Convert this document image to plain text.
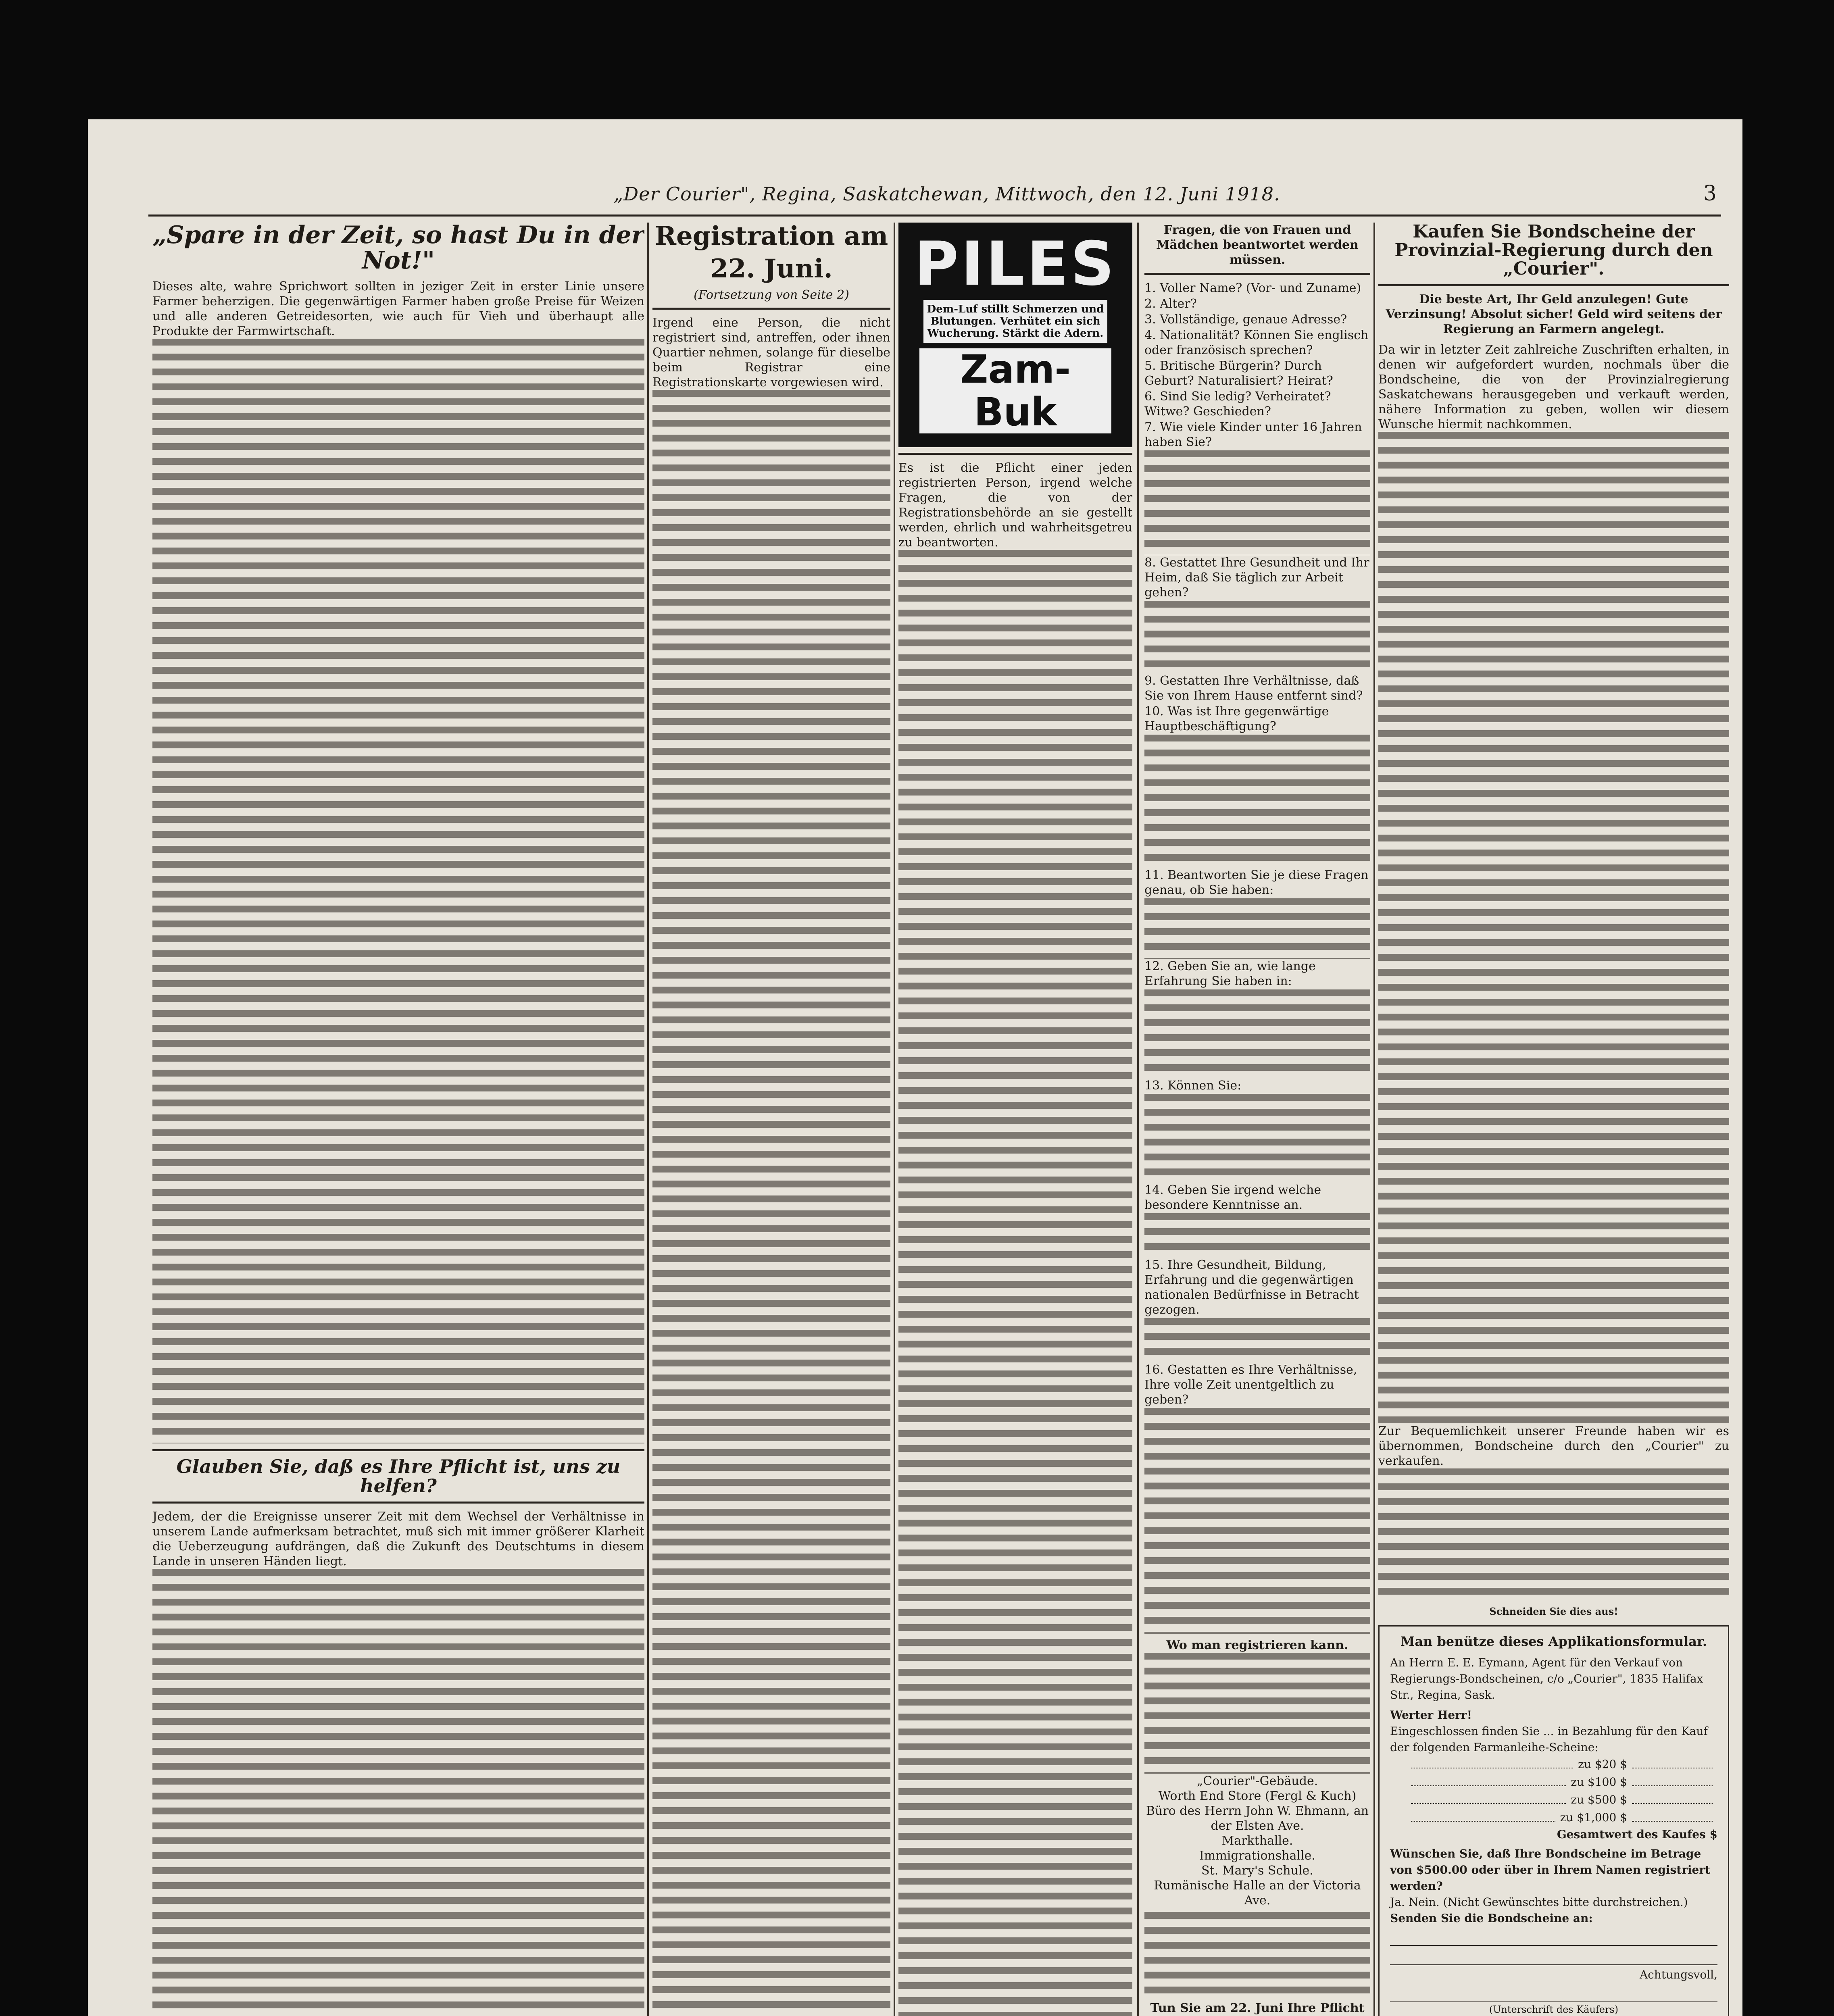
„Der Courier", Regina, Saskatchewan, Mittwoch, den 12. Juni 1918.	3
„Spare in der Zeit, so hast Du in der Not!"

Dieses alte, wahre Sprichwort sollten in jeziger Zeit in erster Linie unsere Farmer beherzigen. Die gegenwärtigen Farmer haben große Preise für Weizen und alle anderen Getreidesorten, wie auch für Vieh und überhaupt alle Produkte der Farmwirtschaft.

Glauben Sie, daß es Ihre Pflicht ist, uns zu helfen?

Jedem, der die Ereignisse unserer Zeit mit dem Wechsel der Verhältnisse in unserem Lande aufmerksam betrachtet, muß sich mit immer größerer Klarheit die Ueberzeugung aufdrängen, daß die Zukunft des Deutschtums in diesem Lande in unseren Händen liegt.

Registration am
22. Juni.
(Fortsetzung von Seite 2)

Irgend eine Person, die nicht registriert sind, antreffen, oder ihnen Quartier nehmen, solange für dieselbe beim Registrar eine Registrationskarte vorgewiesen wird.

PILES
Dem-Luf stillt Schmerzen und Blutungen. Verhütet ein sich Wucherung. Stärkt die Adern.
Zam-Buk

Es ist die Pflicht einer jeden registrierten Person, irgend welche Fragen, die von der Registrationsbehörde an sie gestellt werden, ehrlich und wahrheitsgetreu zu beantworten.

Fragen, die von Frauen und Mädchen beantwortet werden müssen.
1. Voller Name? (Vor- und Zuname)
2. Alter?
3. Vollständige, genaue Adresse?
4. Nationalität? Können Sie englisch oder französisch sprechen?
5. Britische Bürgerin? Durch Geburt? Naturalisiert? Heirat?
6. Sind Sie ledig? Verheiratet? Witwe? Geschieden?
7. Wie viele Kinder unter 16 Jahren haben Sie?
8. Gestattet Ihre Gesundheit und Ihr Heim, daß Sie täglich zur Arbeit gehen?
9. Gestatten Ihre Verhältnisse, daß Sie von Ihrem Hause entfernt sind?
10. Was ist Ihre gegenwärtige Hauptbeschäftigung?
11. Beantworten Sie je diese Fragen genau, ob Sie haben:
12. Geben Sie an, wie lange Erfahrung Sie haben in:
13. Können Sie:
14. Geben Sie irgend welche besondere Kenntnisse an.
15. Ihre Gesundheit, Bildung, Erfahrung und die gegenwärtigen nationalen Bedürfnisse in Betracht gezogen.
16. Gestatten es Ihre Verhältnisse, Ihre volle Zeit unentgeltlich zu geben?
Wo man registrieren kann.
„Courier"-Gebäude.
Worth End Store (Fergl & Kuch)
Büro des Herrn John W. Ehmann, an der Elsten Ave.
Markthalle.
Immigrationshalle.
St. Mary's Schule.
Rumänische Halle an der Victoria Ave.
Tun Sie am 22. Juni Ihre Pflicht
Kaufen Sie Bondscheine der Provinzial-Regierung durch den „Courier".

Die beste Art, Ihr Geld anzulegen! Gute Verzinsung! Absolut sicher! Geld wird seitens der Regierung an Farmern angelegt.

Da wir in letzter Zeit zahlreiche Zuschriften erhalten, in denen wir aufgefordert wurden, nochmals über die Bondscheine, die von der Provinzialregierung Saskatchewans herausgegeben und verkauft werden, nähere Information zu geben, wollen wir diesem Wunsche hiermit nachkommen.

Zur Bequemlichkeit unserer Freunde haben wir es übernommen, Bondscheine durch den „Courier" zu verkaufen.

Schneiden Sie dies aus!
Man benütze dieses Applikationsformular.
An Herrn E. E. Eymann, Agent für den Verkauf von Regierungs-Bondscheinen, c/o „Courier", 1835 Halifax Str., Regina, Sask.
Werter Herr!
Eingeschlossen finden Sie ... in Bezahlung für den Kauf der folgenden Farmanleihe-Scheine:
zu $20 $
zu $100 $
zu $500 $
zu $1,000 $
Gesamtwert des Kaufes $
Wünschen Sie, daß Ihre Bondscheine im Betrage von $500.00 oder über in Ihrem Namen registriert werden?
Ja. Nein. (Nicht Gewünschtes bitte durchstreichen.)
Senden Sie die Bondscheine an:
Achtungsvoll,
(Unterschrift des Käufers)
